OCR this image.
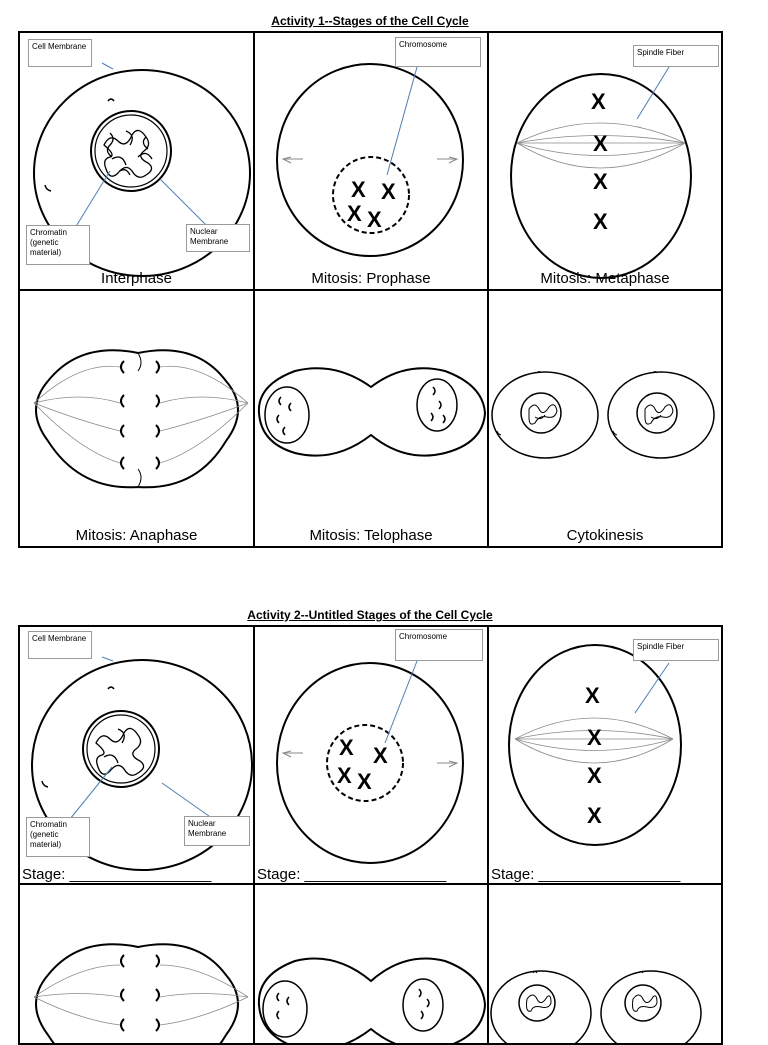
Activity 1--Stages of the Cell Cycle
Cell Membrane
Chromatin (genetic material)
Nuclear Membrane
Interphase
X X
X X
Chromosome
Mitosis: Prophase
X
X
X
X
Spindle Fiber
Mitosis: Metaphase
Mitosis: Anaphase	Mitosis: Telophase	Cytokinesis
Activity 2--Untitled Stages of the Cell Cycle
Cell Membrane
Chromatin (genetic material)
Nuclear Membrane
Stage: _________________
X X
X X
Chromosome
Stage: _________________
X
X
X
X
Spindle Fiber
Stage: _________________
